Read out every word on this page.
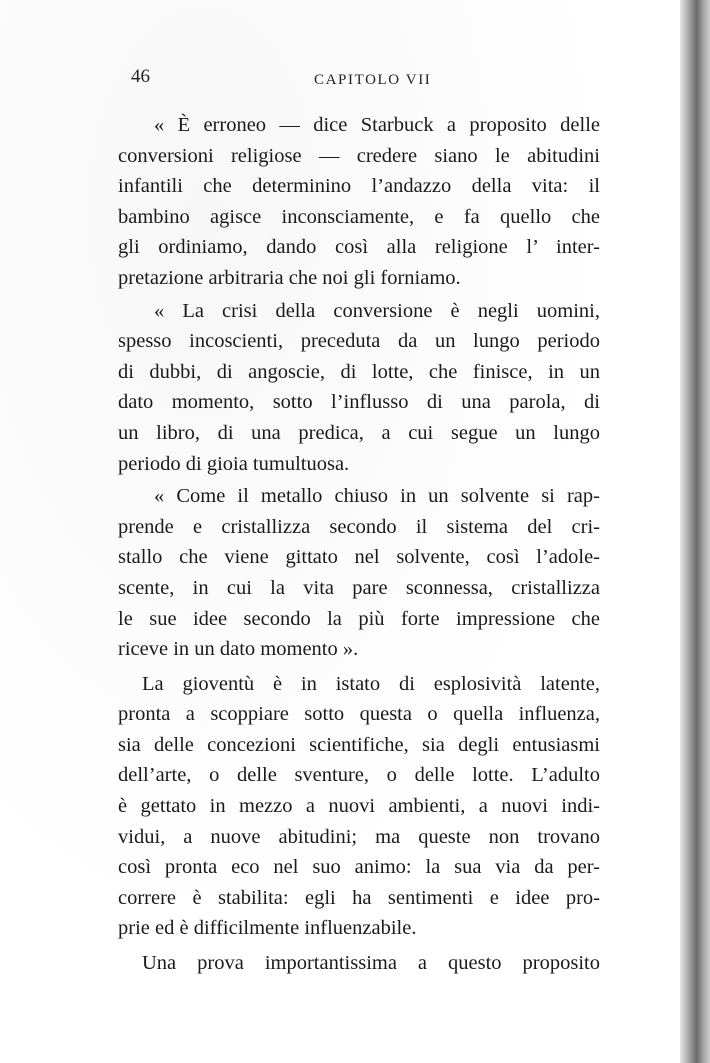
46	CAPITOLO VII

« È erroneo — dice Starbuck a proposito delle
conversioni religiose — credere siano le abitudini
infantili che determinino l’andazzo della vita: il
bambino agisce inconsciamente, e fa quello che
gli ordiniamo, dando così alla religione l’ inter-
pretazione arbitraria che noi gli forniamo.
« La crisi della conversione è negli uomini,
spesso incoscienti, preceduta da un lungo periodo
di dubbi, di angoscie, di lotte, che finisce, in un
dato momento, sotto l’influsso di una parola, di
un libro, di una predica, a cui segue un lungo
periodo di gioia tumultuosa.
« Come il metallo chiuso in un solvente si rap-
prende e cristallizza secondo il sistema del cri-
stallo che viene gittato nel solvente, così l’adole-
scente, in cui la vita pare sconnessa, cristallizza
le sue idee secondo la più forte impressione che
riceve in un dato momento ».
La gioventù è in istato di esplosività latente,
pronta a scoppiare sotto questa o quella influenza,
sia delle concezioni scientifiche, sia degli entusiasmi
dell’arte, o delle sventure, o delle lotte. L’adulto
è gettato in mezzo a nuovi ambienti, a nuovi indi-
vidui, a nuove abitudini; ma queste non trovano
così pronta eco nel suo animo: la sua via da per-
correre è stabilita: egli ha sentimenti e idee pro-
prie ed è difficilmente influenzabile.
Una prova importantissima a questo proposito
